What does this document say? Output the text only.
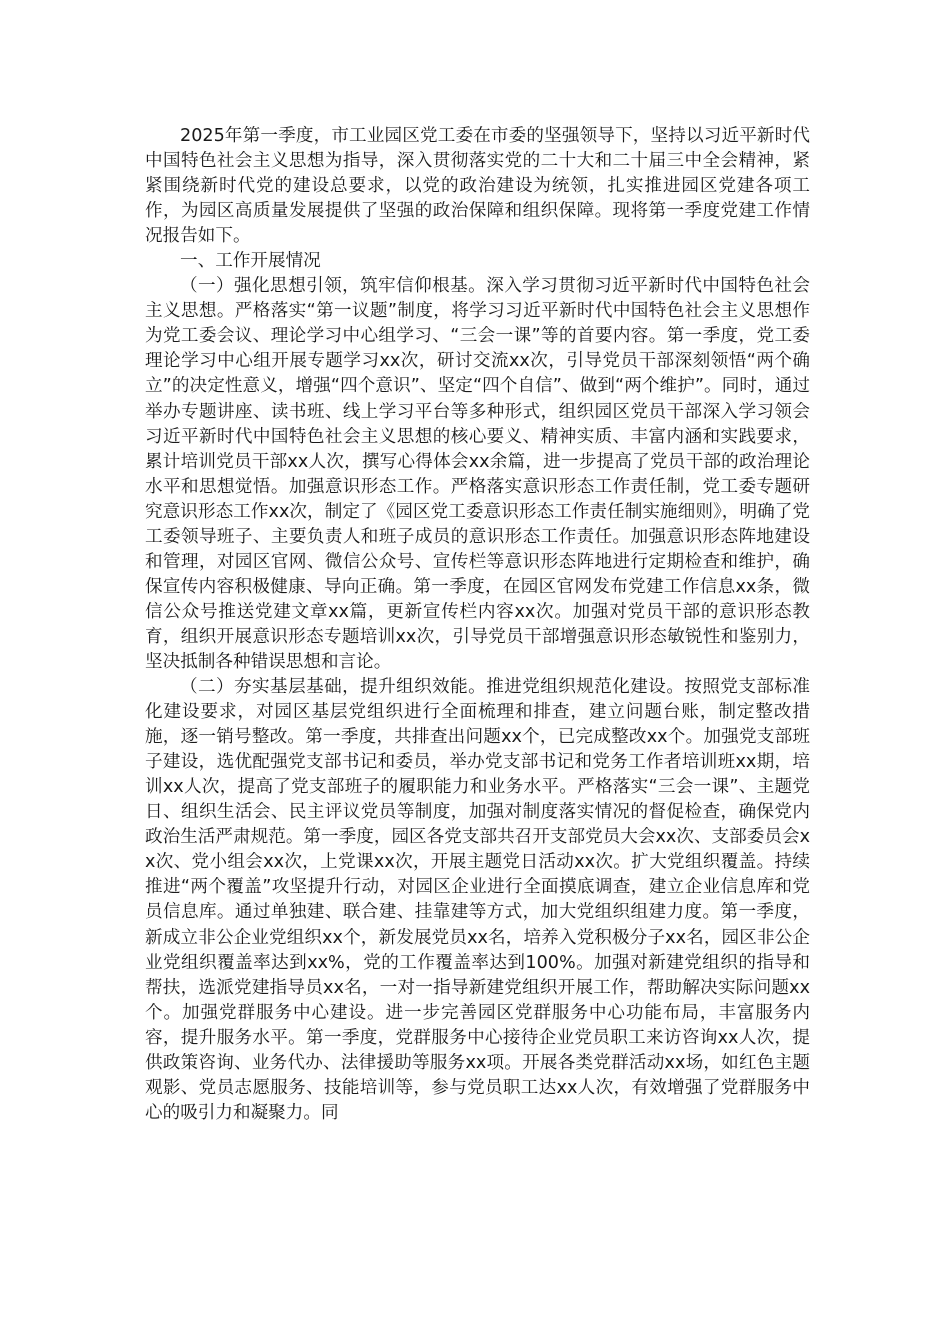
2025年第一季度，市工业园区党工委在市委的坚强领导下，坚持以习近平新时代中国特色社会主义思想为指导，深入贯彻落实党的二十大和二十届三中全会精神，紧紧围绕新时代党的建设总要求，以党的政治建设为统领，扎实推进园区党建各项工作，为园区高质量发展提供了坚强的政治保障和组织保障。现将第一季度党建工作情况报告如下。

一、工作开展情况

（一）强化思想引领，筑牢信仰根基。深入学习贯彻习近平新时代中国特色社会主义思想。严格落实“第一议题”制度，将学习习近平新时代中国特色社会主义思想作为党工委会议、理论学习中心组学习、“三会一课”等的首要内容。第一季度，党工委理论学习中心组开展专题学习xx次，研讨交流xx次，引导党员干部深刻领悟“两个确立”的决定性意义，增强“四个意识”、坚定“四个自信”、做到“两个维护”。同时，通过举办专题讲座、读书班、线上学习平台等多种形式，组织园区党员干部深入学习领会习近平新时代中国特色社会主义思想的核心要义、精神实质、丰富内涵和实践要求，累计培训党员干部xx人次，撰写心得体会xx余篇，进一步提高了党员干部的政治理论水平和思想觉悟。加强意识形态工作。严格落实意识形态工作责任制，党工委专题研究意识形态工作xx次，制定了《园区党工委意识形态工作责任制实施细则》，明确了党工委领导班子、主要负责人和班子成员的意识形态工作责任。加强意识形态阵地建设和管理，对园区官网、微信公众号、宣传栏等意识形态阵地进行定期检查和维护，确保宣传内容积极健康、导向正确。第一季度，在园区官网发布党建工作信息xx条，微信公众号推送党建文章xx篇，更新宣传栏内容xx次。加强对党员干部的意识形态教育，组织开展意识形态专题培训xx次，引导党员干部增强意识形态敏锐性和鉴别力，坚决抵制各种错误思想和言论。

（二）夯实基层基础，提升组织效能。推进党组织规范化建设。按照党支部标准化建设要求，对园区基层党组织进行全面梳理和排查，建立问题台账，制定整改措施，逐一销号整改。第一季度，共排查出问题xx个，已完成整改xx个。加强党支部班子建设，选优配强党支部书记和委员，举办党支部书记和党务工作者培训班xx期，培训xx人次，提高了党支部班子的履职能力和业务水平。严格落实“三会一课”、主题党日、组织生活会、民主评议党员等制度，加强对制度落实情况的督促检查，确保党内政治生活严肃规范。第一季度，园区各党支部共召开支部党员大会xx次、支部委员会xx次、党小组会xx次，上党课xx次，开展主题党日活动xx次。扩大党组织覆盖。持续推进“两个覆盖”攻坚提升行动，对园区企业进行全面摸底调查，建立企业信息库和党员信息库。通过单独建、联合建、挂靠建等方式，加大党组织组建力度。第一季度，新成立非公企业党组织xx个，新发展党员xx名，培养入党积极分子xx名，园区非公企业党组织覆盖率达到xx%，党的工作覆盖率达到100%。加强对新建党组织的指导和帮扶，选派党建指导员xx名，一对一指导新建党组织开展工作，帮助解决实际问题xx个。加强党群服务中心建设。进一步完善园区党群服务中心功能布局，丰富服务内容，提升服务水平。第一季度，党群服务中心接待企业党员职工来访咨询xx人次，提供政策咨询、业务代办、法律援助等服务xx项。开展各类党群活动xx场，如红色主题观影、党员志愿服务、技能培训等，参与党员职工达xx人次，有效增强了党群服务中心的吸引力和凝聚力。同
